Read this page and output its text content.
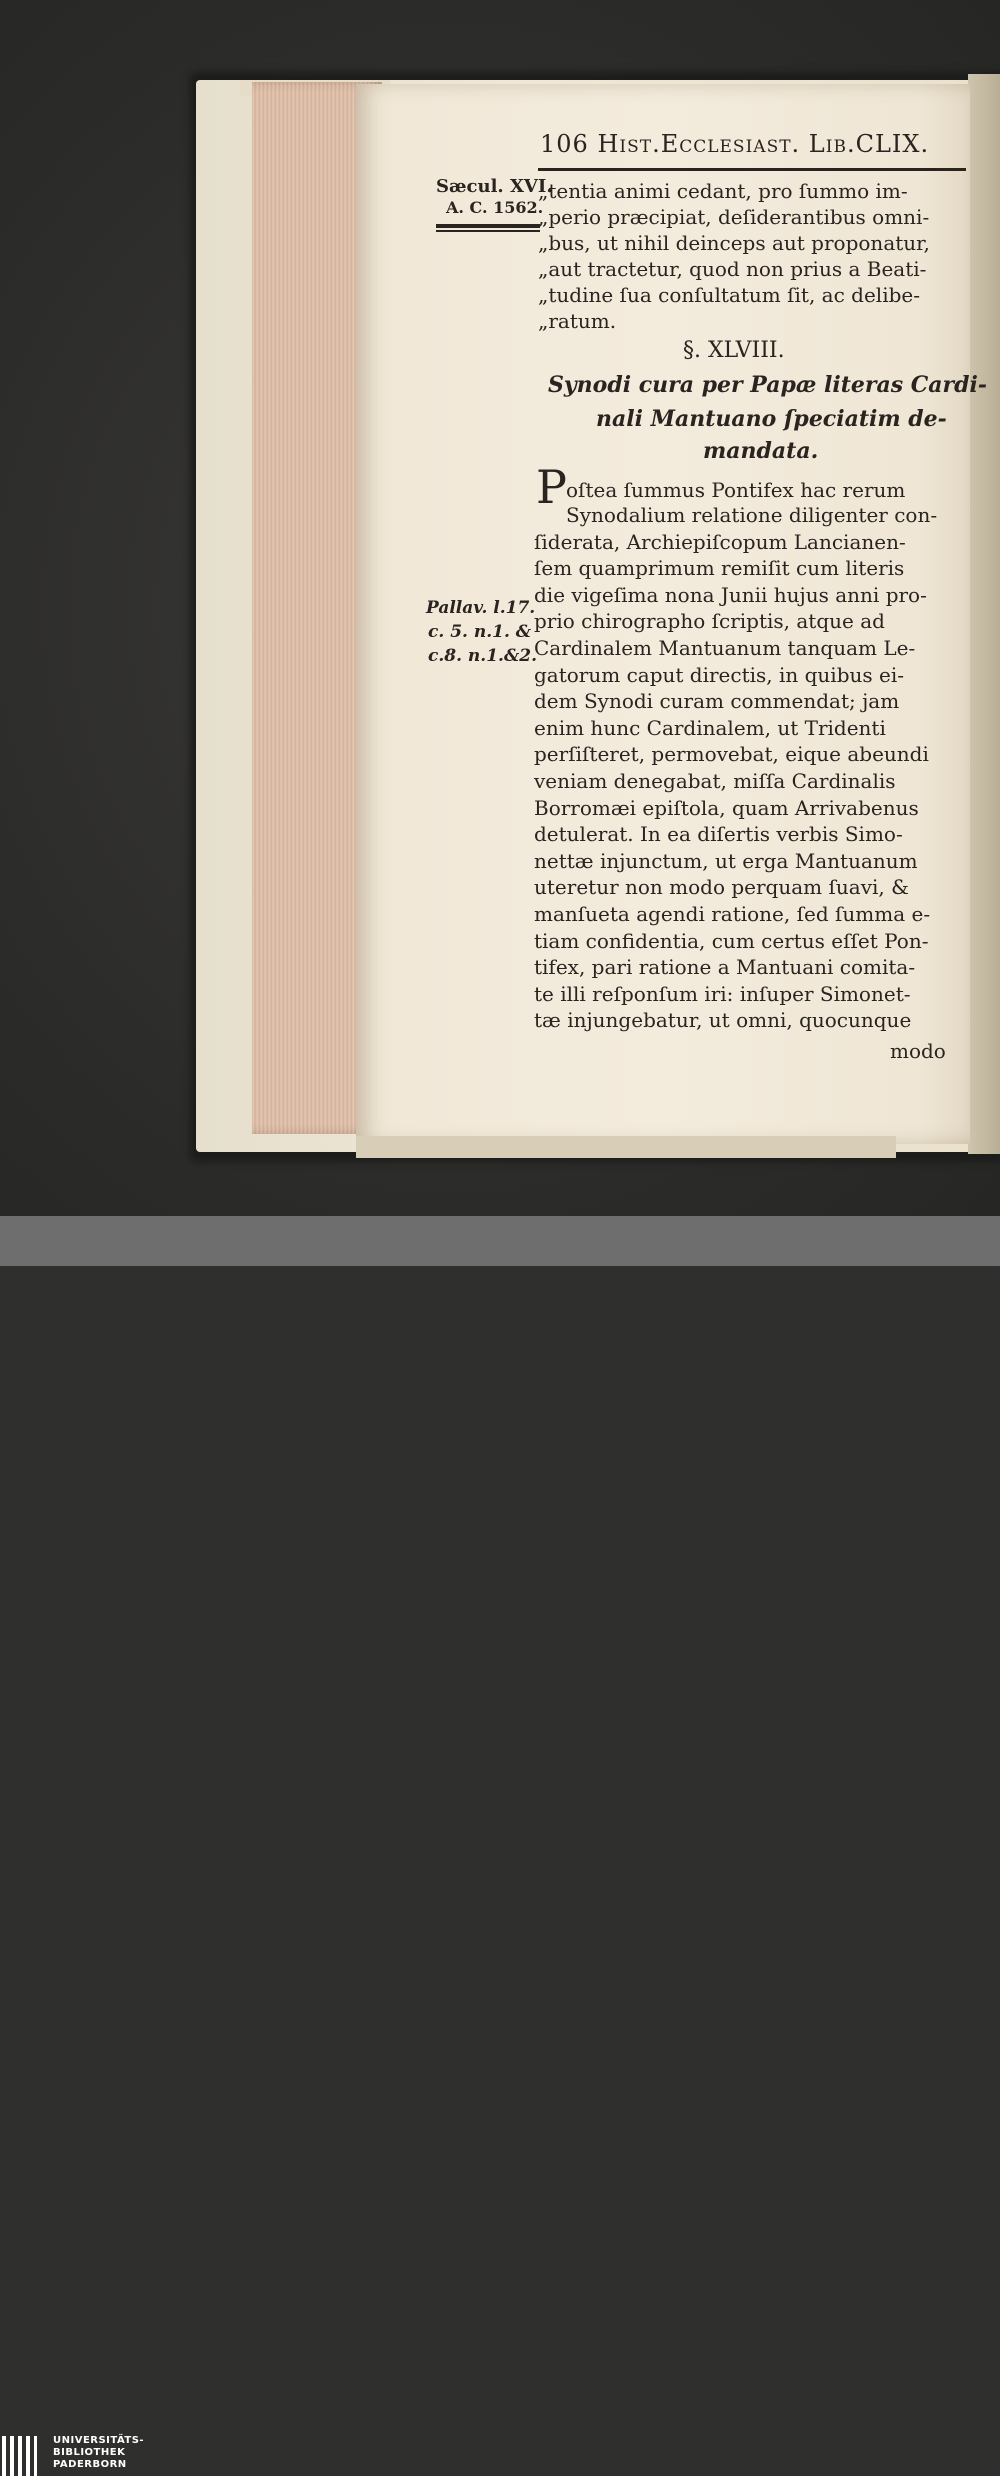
106 Hist.Ecclesiast. Lib.CLIX.
Sæcul. XVI.
A. C. 1562.
„tentia animi cedant, pro ſummo im-
„perio præcipiat, deſiderantibus omni-
„bus, ut nihil deinceps aut proponatur,
„aut tractetur, quod non prius a Beati-
„tudine ſua conſultatum ſit, ac delibe-
„ratum.
§. XLVIII.
Synodi cura per Papæ literas Cardi-
nali Mantuano ſpeciatim de-
mandata.
P oſtea ſummus Pontifex hac rerum
Synodalium relatione diligenter con-
ſiderata, Archiepiſcopum Lancianen-
ſem quamprimum remiſit cum literis
die vigeſima nona Junii hujus anni pro-
prio chirographo ſcriptis, atque ad
Cardinalem Mantuanum tanquam Le-
gatorum caput directis, in quibus ei-
dem Synodi curam commendat; jam
enim hunc Cardinalem, ut Tridenti
perſiſteret, permovebat, eique abeundi
veniam denegabat, miſſa Cardinalis
Borromæi epiſtola, quam Arrivabenus
detulerat. In ea diſertis verbis Simo-
nettæ injunctum, ut erga Mantuanum
uteretur non modo perquam ſuavi, &
manſueta agendi ratione, ſed ſumma e-
tiam confidentia, cum certus eſſet Pon-
tifex, pari ratione a Mantuani comita-
te illi reſponſum iri: inſuper Simonet-
tæ injungebatur, ut omni, quocunque
Pallav. l.17.
c. 5. n.1. &
c.8. n.1.&2.
modo
UNIVERSITÄTS-
BIBLIOTHEK
PADERBORN
